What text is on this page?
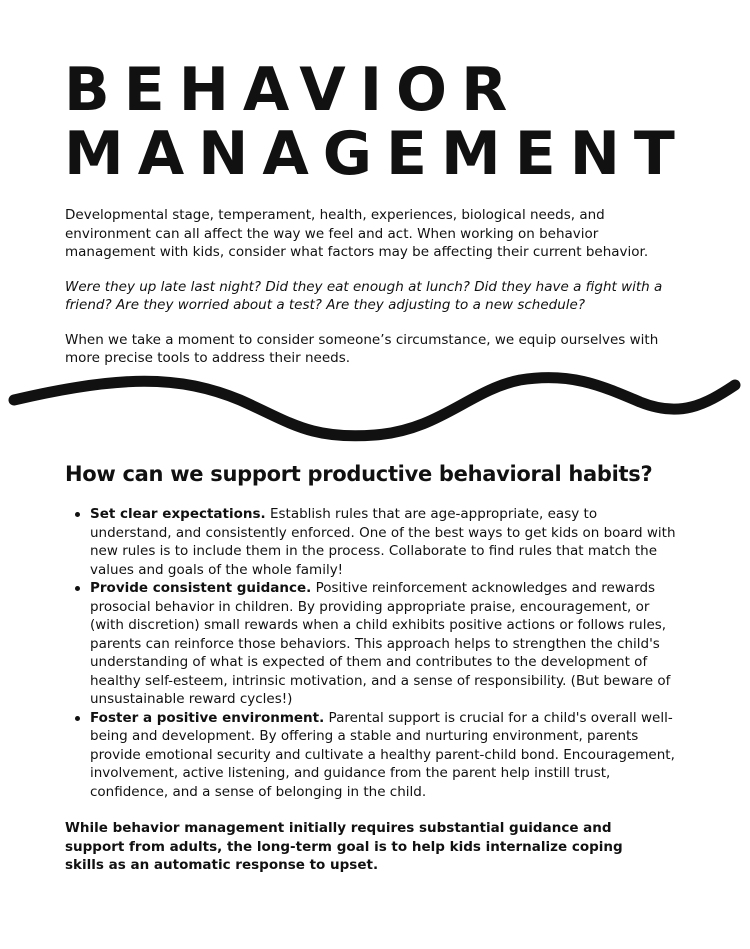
BEHAVIOR
MANAGEMENT

Developmental stage, temperament, health, experiences, biological needs, and environment can all affect the way we feel and act. When working on behavior management with kids, consider what factors may be affecting their current behavior.

Were they up late last night? Did they eat enough at lunch? Did they have a fight with a friend? Are they worried about a test? Are they adjusting to a new schedule?

When we take a moment to consider someone’s circumstance, we equip ourselves with more precise tools to address their needs.

How can we support productive behavioral habits?
Set clear expectations. Establish rules that are age-appropriate, easy to understand, and consistently enforced. One of the best ways to get kids on board with new rules is to include them in the process. Collaborate to find rules that match the values and goals of the whole family!
Provide consistent guidance. Positive reinforcement acknowledges and rewards prosocial behavior in children. By providing appropriate praise, encouragement, or (with discretion) small rewards when a child exhibits positive actions or follows rules, parents can reinforce those behaviors. This approach helps to strengthen the child's understanding of what is expected of them and contributes to the development of healthy self-esteem, intrinsic motivation, and a sense of responsibility. (But beware of unsustainable reward cycles!)
Foster a positive environment. Parental support is crucial for a child's overall well-being and development. By offering a stable and nurturing environment, parents provide emotional security and cultivate a healthy parent-child bond. Encouragement, involvement, active listening, and guidance from the parent help instill trust, confidence, and a sense of belonging in the child.

While behavior management initially requires substantial guidance and support from adults, the long-term goal is to help kids internalize coping skills as an automatic response to upset.
